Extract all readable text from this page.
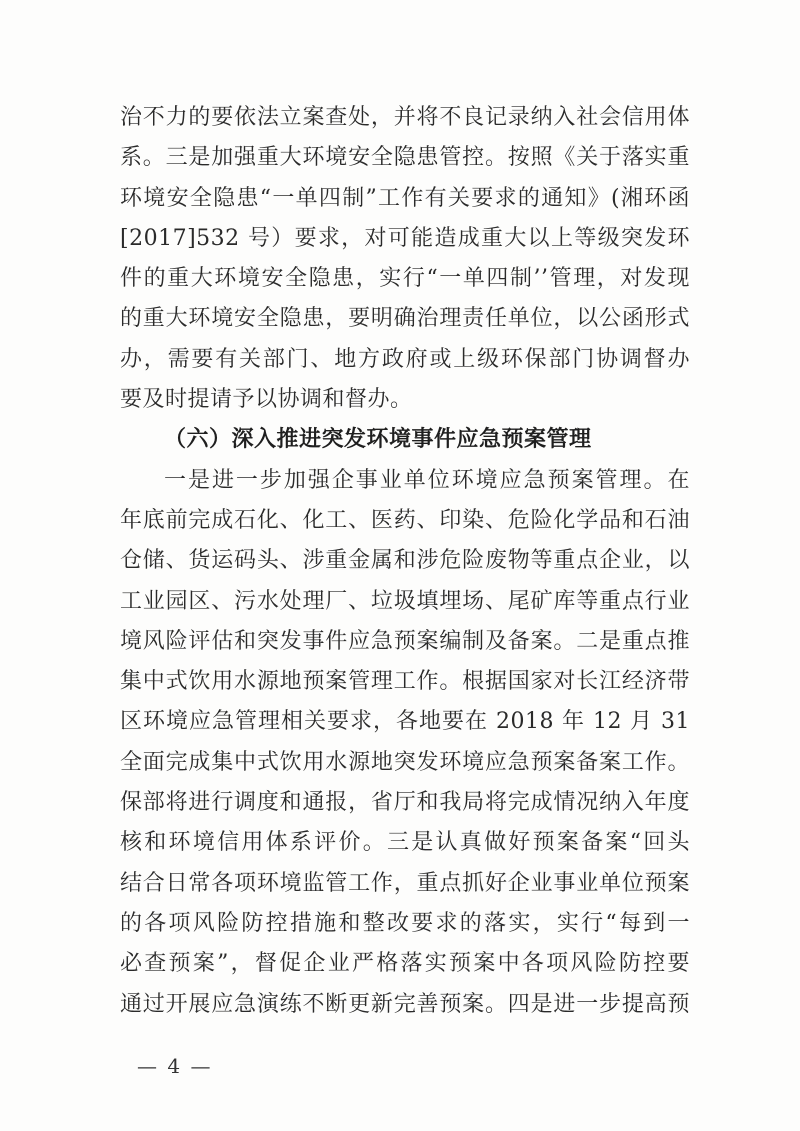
治不力的要依法立案查处，并将不良记录纳入社会信用体
系。三是加强重大环境安全隐患管控。按照《关于落实重
环境安全隐患“一单四制”工作有关要求的通知》(湘环函
[2017]532 号）要求，对可能造成重大以上等级突发环
件的重大环境安全隐患，实行“一单四制’’管理，对发现
的重大环境安全隐患，要明确治理责任单位，以公函形式
办，需要有关部门、地方政府或上级环保部门协调督办
要及时提请予以协调和督办。
（六）深入推进突发环境事件应急预案管理
一是进一步加强企事业单位环境应急预案管理。在
年底前完成石化、化工、医药、印染、危险化学品和石油
仓储、货运码头、涉重金属和涉危险废物等重点企业，以
工业园区、污水处理厂、垃圾填埋场、尾矿库等重点行业
境风险评估和突发事件应急预案编制及备案。二是重点推
集中式饮用水源地预案管理工作。根据国家对长江经济带
区环境应急管理相关要求，各地要在 2018 年 12 月 31
全面完成集中式饮用水源地突发环境应急预案备案工作。
保部将进行调度和通报，省厅和我局将完成情况纳入年度
核和环境信用体系评价。三是认真做好预案备案“回头
结合日常各项环境监管工作，重点抓好企业事业单位预案
的各项风险防控措施和整改要求的落实，实行“每到一
必查预案”，督促企业严格落实预案中各项风险防控要
通过开展应急演练不断更新完善预案。四是进一步提高预
— 4 —
